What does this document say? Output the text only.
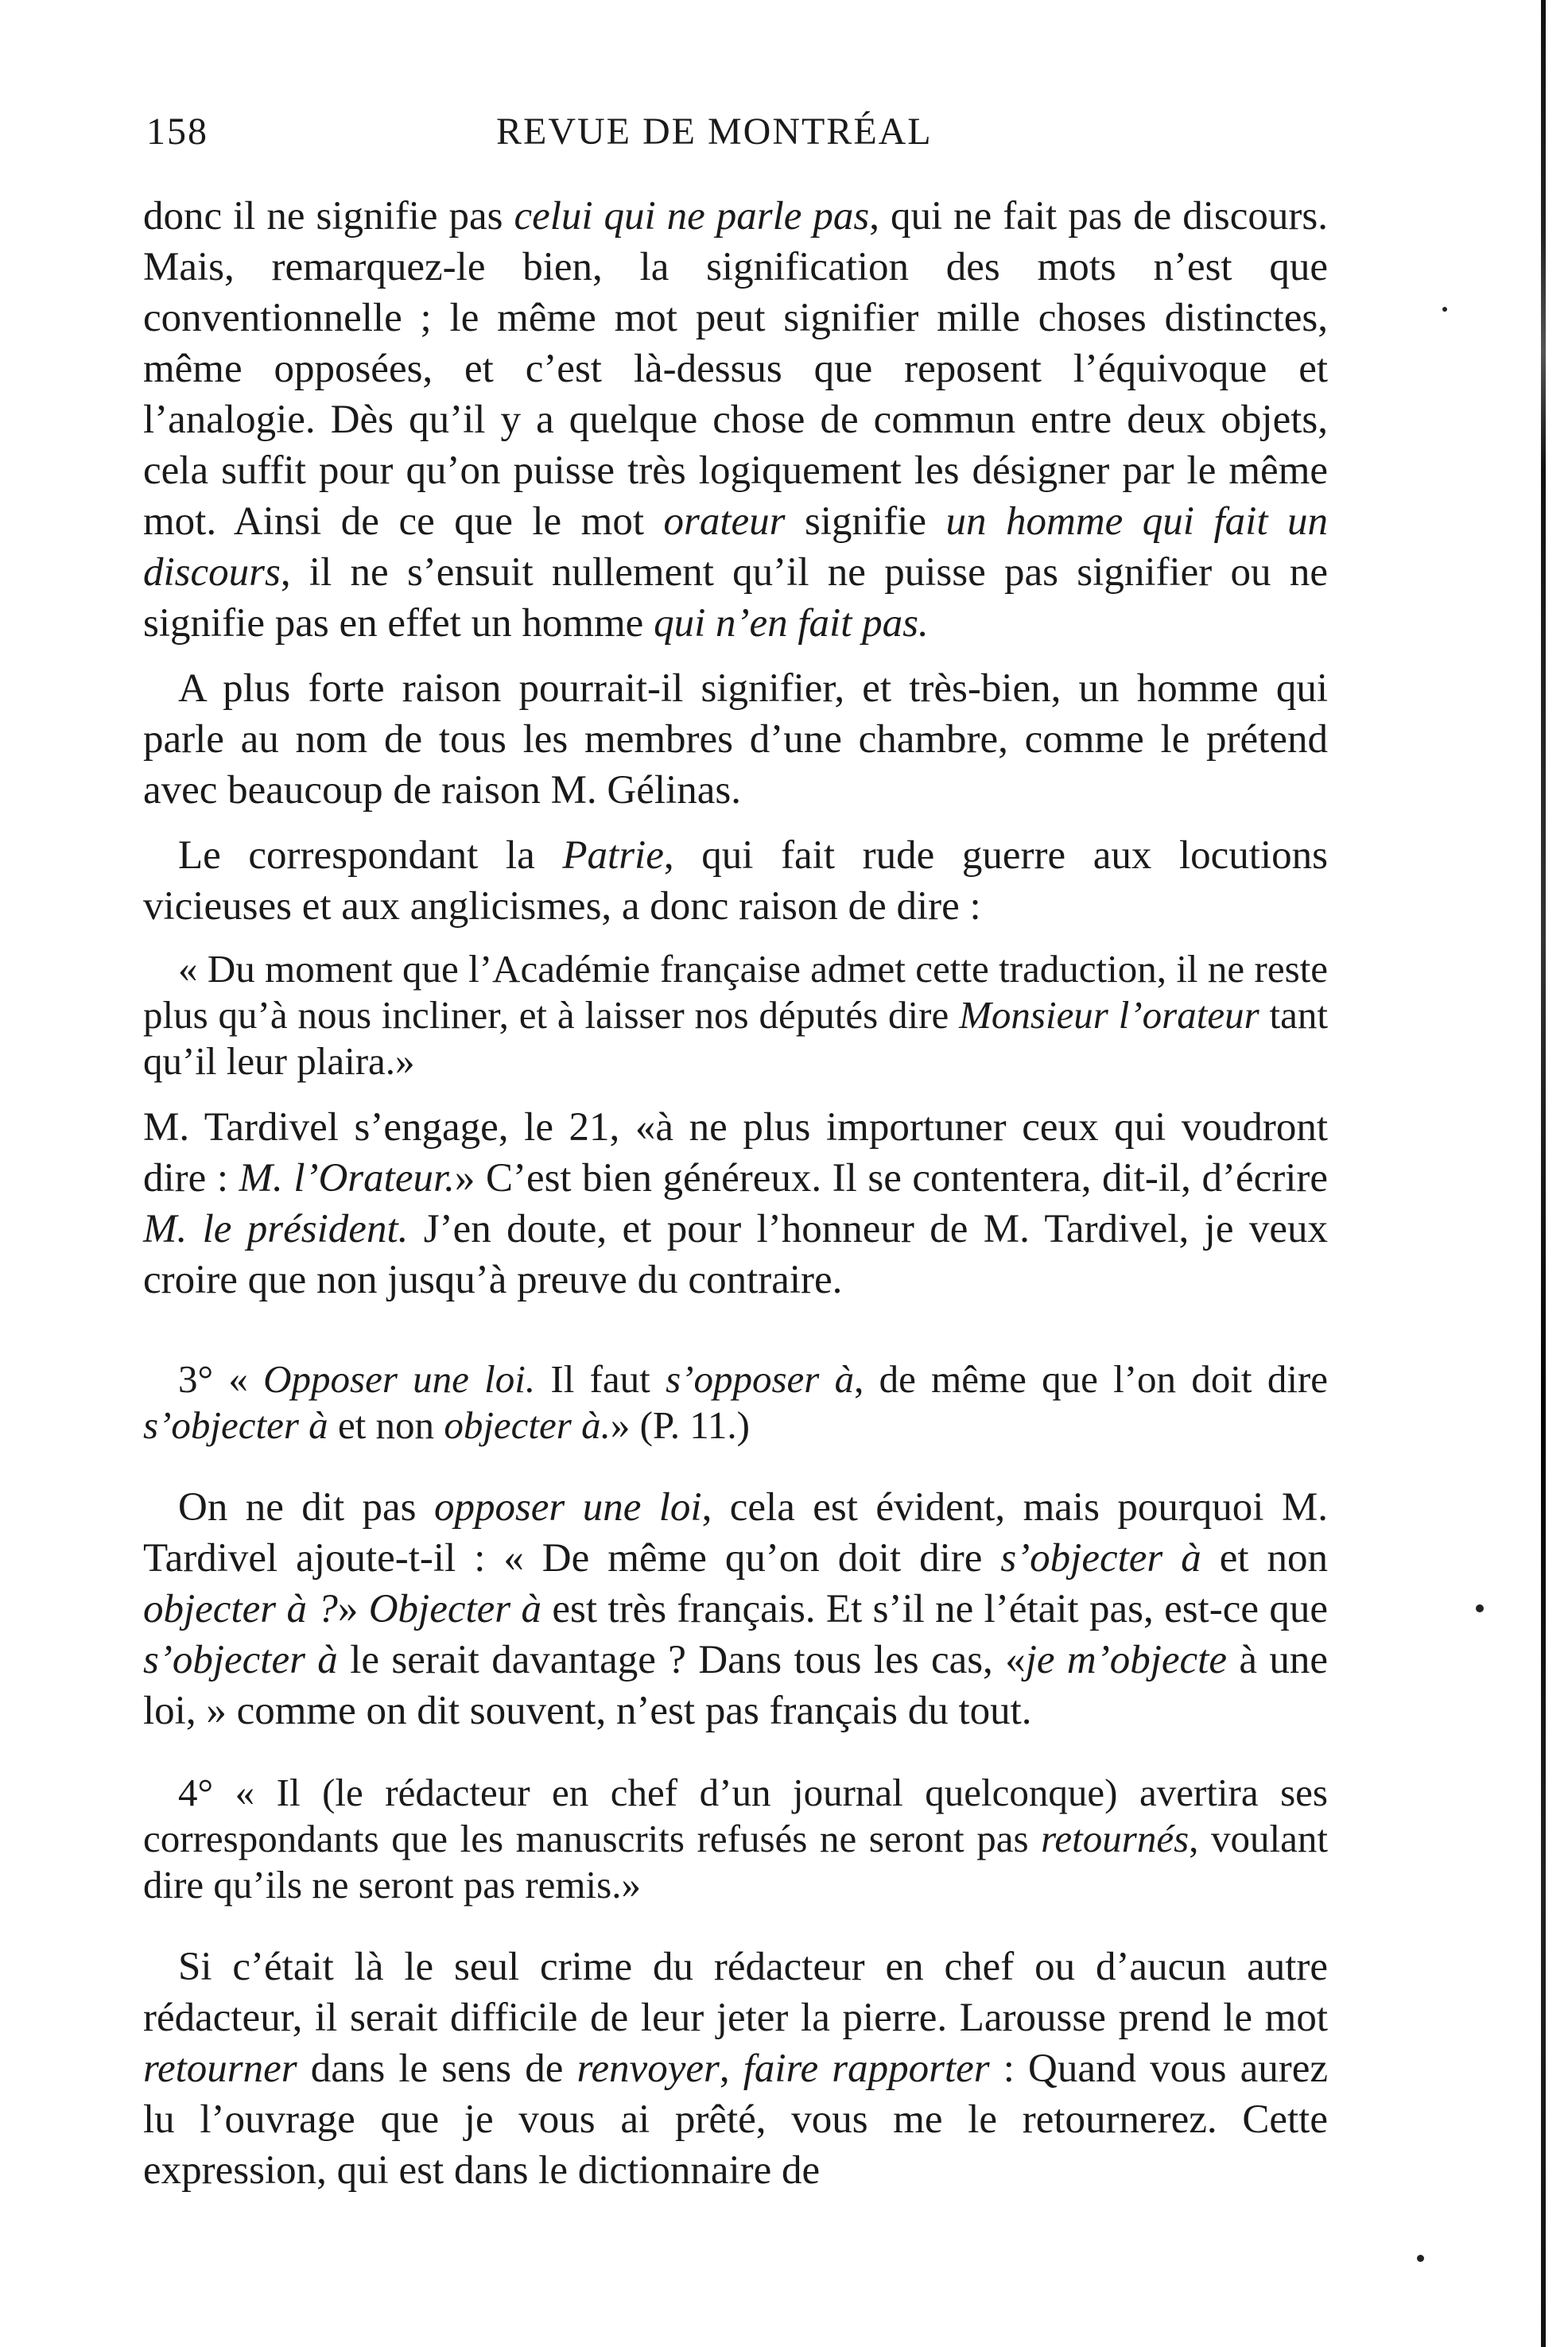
158	REVUE DE MONTRÉAL

donc il ne signifie pas celui qui ne parle pas, qui ne fait pas de discours. Mais, remarquez-le bien, la signification des mots n’est que conventionnelle ; le même mot peut signifier mille choses distinctes, même opposées, et c’est là-dessus que reposent l’équivoque et l’analogie. Dès qu’il y a quelque chose de commun entre deux objets, cela suffit pour qu’on puisse très logiquement les désigner par le même mot. Ainsi de ce que le mot orateur signifie un homme qui fait un discours, il ne s’ensuit nullement qu’il ne puisse pas signifier ou ne signifie pas en effet un homme qui n’en fait pas.

A plus forte raison pourrait-il signifier, et très-bien, un homme qui parle au nom de tous les membres d’une chambre, comme le prétend avec beaucoup de raison M. Gélinas.

Le correspondant la Patrie, qui fait rude guerre aux locutions vicieuses et aux anglicismes, a donc raison de dire :

« Du moment que l’Académie française admet cette traduction, il ne reste plus qu’à nous incliner, et à laisser nos députés dire Monsieur l’orateur tant qu’il leur plaira.»

M. Tardivel s’engage, le 21, «à ne plus importuner ceux qui voudront dire : M. l’Orateur.» C’est bien généreux. Il se contentera, dit-il, d’écrire M. le président. J’en doute, et pour l’honneur de M. Tardivel, je veux croire que non jusqu’à preuve du contraire.

3° « Opposer une loi. Il faut s’opposer à, de même que l’on doit dire s’objecter à et non objecter à.» (P. 11.)

On ne dit pas opposer une loi, cela est évident, mais pourquoi M. Tardivel ajoute-t-il : « De même qu’on doit dire s’objecter à et non objecter à ?» Objecter à est très français. Et s’il ne l’était pas, est-ce que s’objecter à le serait davantage ? Dans tous les cas, «je m’objecte à une loi, » comme on dit souvent, n’est pas français du tout.

4° « Il (le rédacteur en chef d’un journal quelconque) avertira ses correspondants que les manuscrits refusés ne seront pas retournés, voulant dire qu’ils ne seront pas remis.»

Si c’était là le seul crime du rédacteur en chef ou d’aucun autre rédacteur, il serait difficile de leur jeter la pierre. Larousse prend le mot retourner dans le sens de renvoyer, faire rapporter : Quand vous aurez lu l’ouvrage que je vous ai prêté, vous me le retournerez. Cette expression, qui est dans le dictionnaire de
